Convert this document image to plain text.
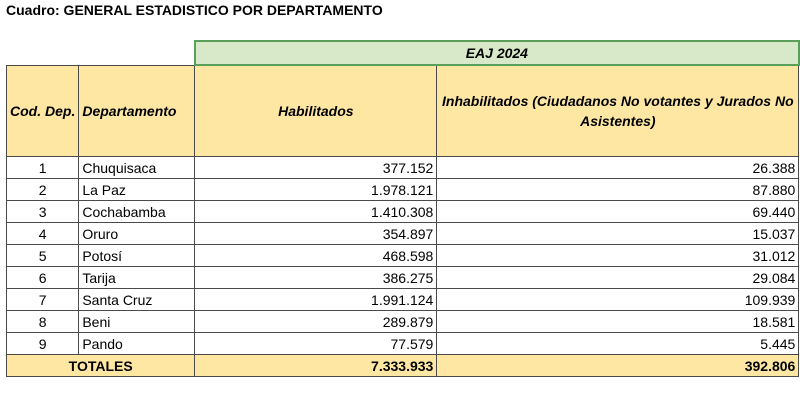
Cuadro: GENERAL ESTADISTICO POR DEPARTAMENTO
		EAJ 2024	
Cod. Dep.	Departamento	Habilitados	Inhabilitados (Ciudadanos No votantes y Jurados No Asistentes)

1	Chuquisaca	377.152	26.388
2	La Paz	1.978.121	87.880
3	Cochabamba	1.410.308	69.440
4	Oruro	354.897	15.037
5	Potosí	468.598	31.012
6	Tarija	386.275	29.084
7	Santa Cruz	1.991.124	109.939
8	Beni	289.879	18.581
9	Pando	77.579	5.445
TOTALES		7.333.933	392.806
